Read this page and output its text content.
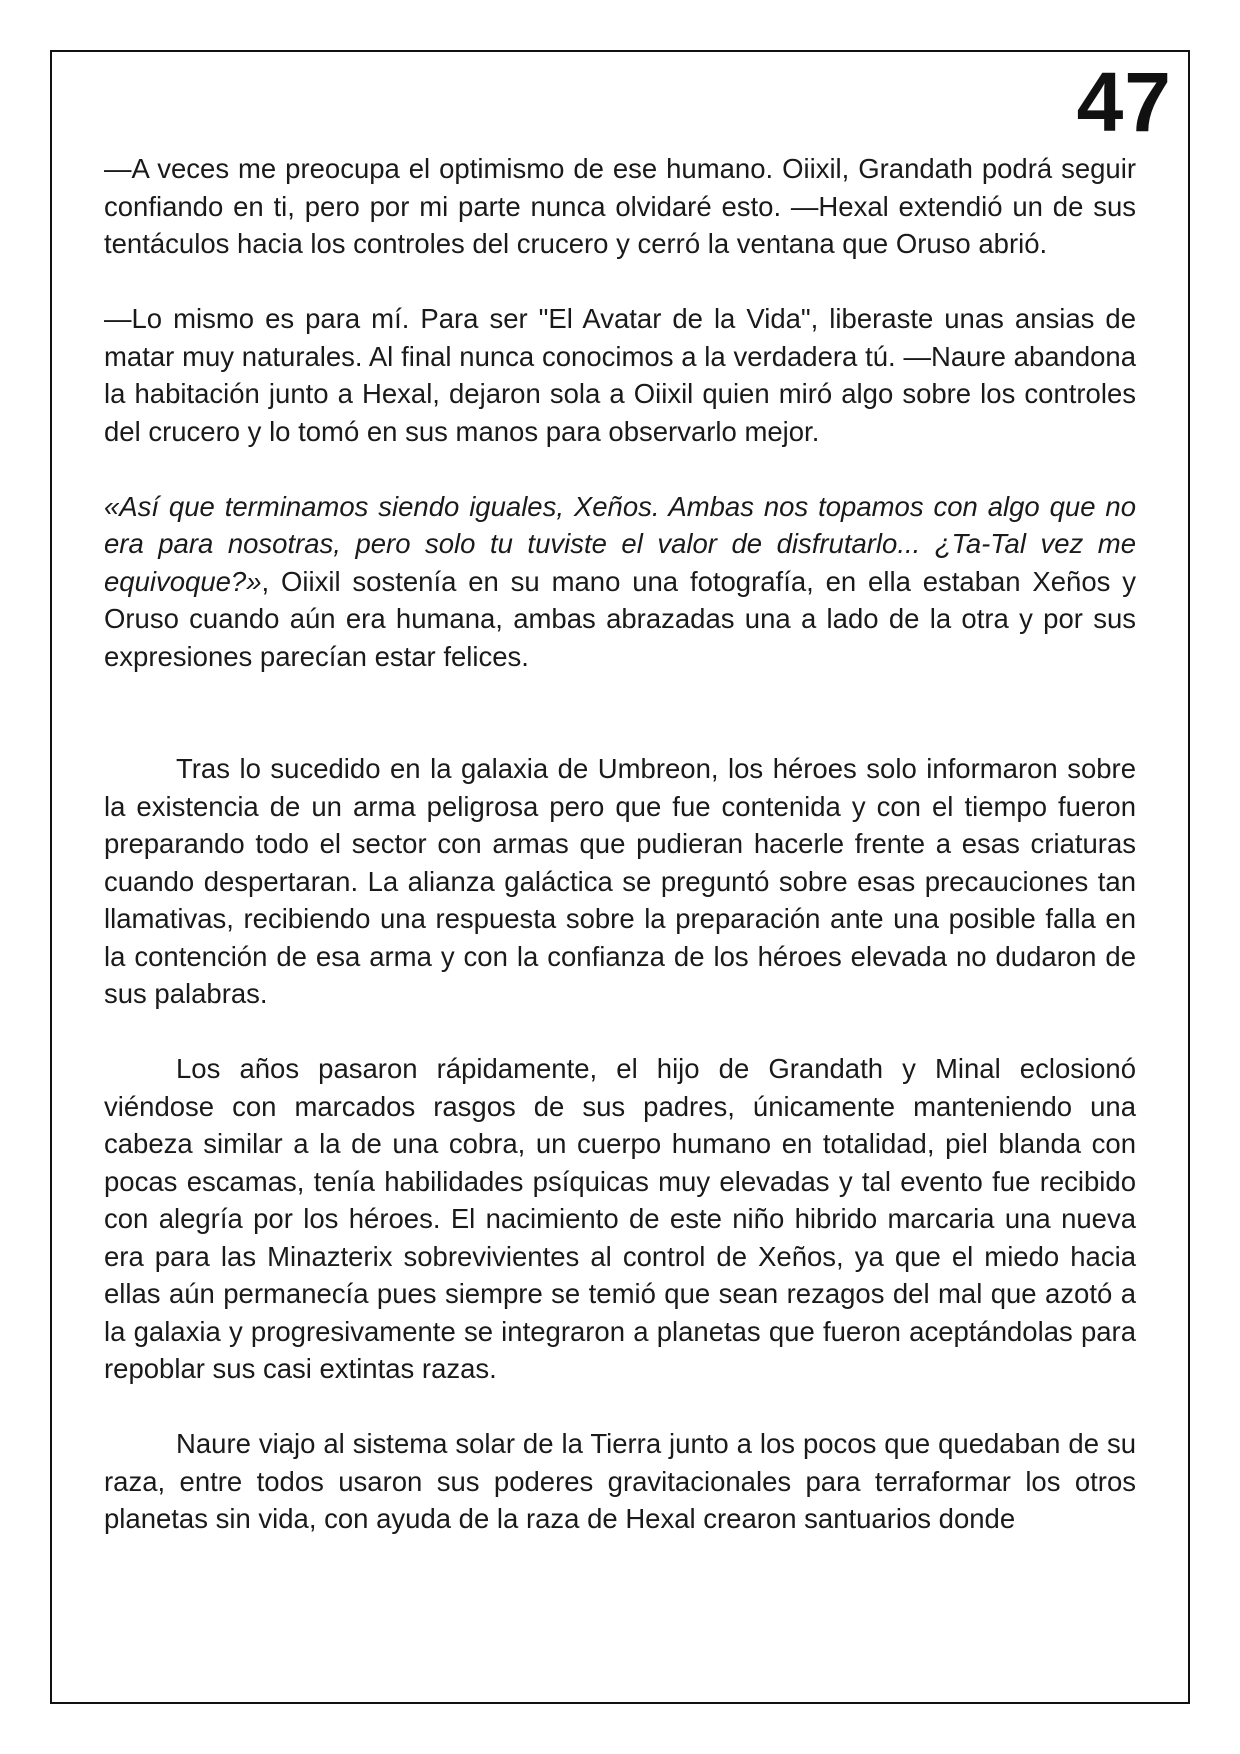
47

—A veces me preocupa el optimismo de ese humano. Oiixil, Grandath podrá seguir confiando en ti, pero por mi parte nunca olvidaré esto. —Hexal extendió un de sus tentáculos hacia los controles del crucero y cerró la ventana que Oruso abrió.

—Lo mismo es para mí. Para ser "El Avatar de la Vida", liberaste unas ansias de matar muy naturales. Al final nunca conocimos a la verdadera tú. —Naure abandona la habitación junto a Hexal, dejaron sola a Oiixil quien miró algo sobre los controles del crucero y lo tomó en sus manos para observarlo mejor.

«Así que terminamos siendo iguales, Xeños. Ambas nos topamos con algo que no era para nosotras, pero solo tu tuviste el valor de disfrutarlo... ¿Ta-Tal vez me equivoque?», Oiixil sostenía en su mano una fotografía, en ella estaban Xeños y Oruso cuando aún era humana, ambas abrazadas una a lado de la otra y por sus expresiones parecían estar felices.

Tras lo sucedido en la galaxia de Umbreon, los héroes solo informaron sobre la existencia de un arma peligrosa pero que fue contenida y con el tiempo fueron preparando todo el sector con armas que pudieran hacerle frente a esas criaturas cuando despertaran. La alianza galáctica se preguntó sobre esas precauciones tan llamativas, recibiendo una respuesta sobre la preparación ante una posible falla en la contención de esa arma y con la confianza de los héroes elevada no dudaron de sus palabras.

Los años pasaron rápidamente, el hijo de Grandath y Minal eclosionó viéndose con marcados rasgos de sus padres, únicamente manteniendo una cabeza similar a la de una cobra, un cuerpo humano en totalidad, piel blanda con pocas escamas, tenía habilidades psíquicas muy elevadas y tal evento fue recibido con alegría por los héroes. El nacimiento de este niño hibrido marcaria una nueva era para las Minazterix sobrevivientes al control de Xeños, ya que el miedo hacia ellas aún permanecía pues siempre se temió que sean rezagos del mal que azotó a la galaxia y progresivamente se integraron a planetas que fueron aceptándolas para repoblar sus casi extintas razas.

Naure viajo al sistema solar de la Tierra junto a los pocos que quedaban de su raza, entre todos usaron sus poderes gravitacionales para terraformar los otros planetas sin vida, con ayuda de la raza de Hexal crearon santuarios donde
